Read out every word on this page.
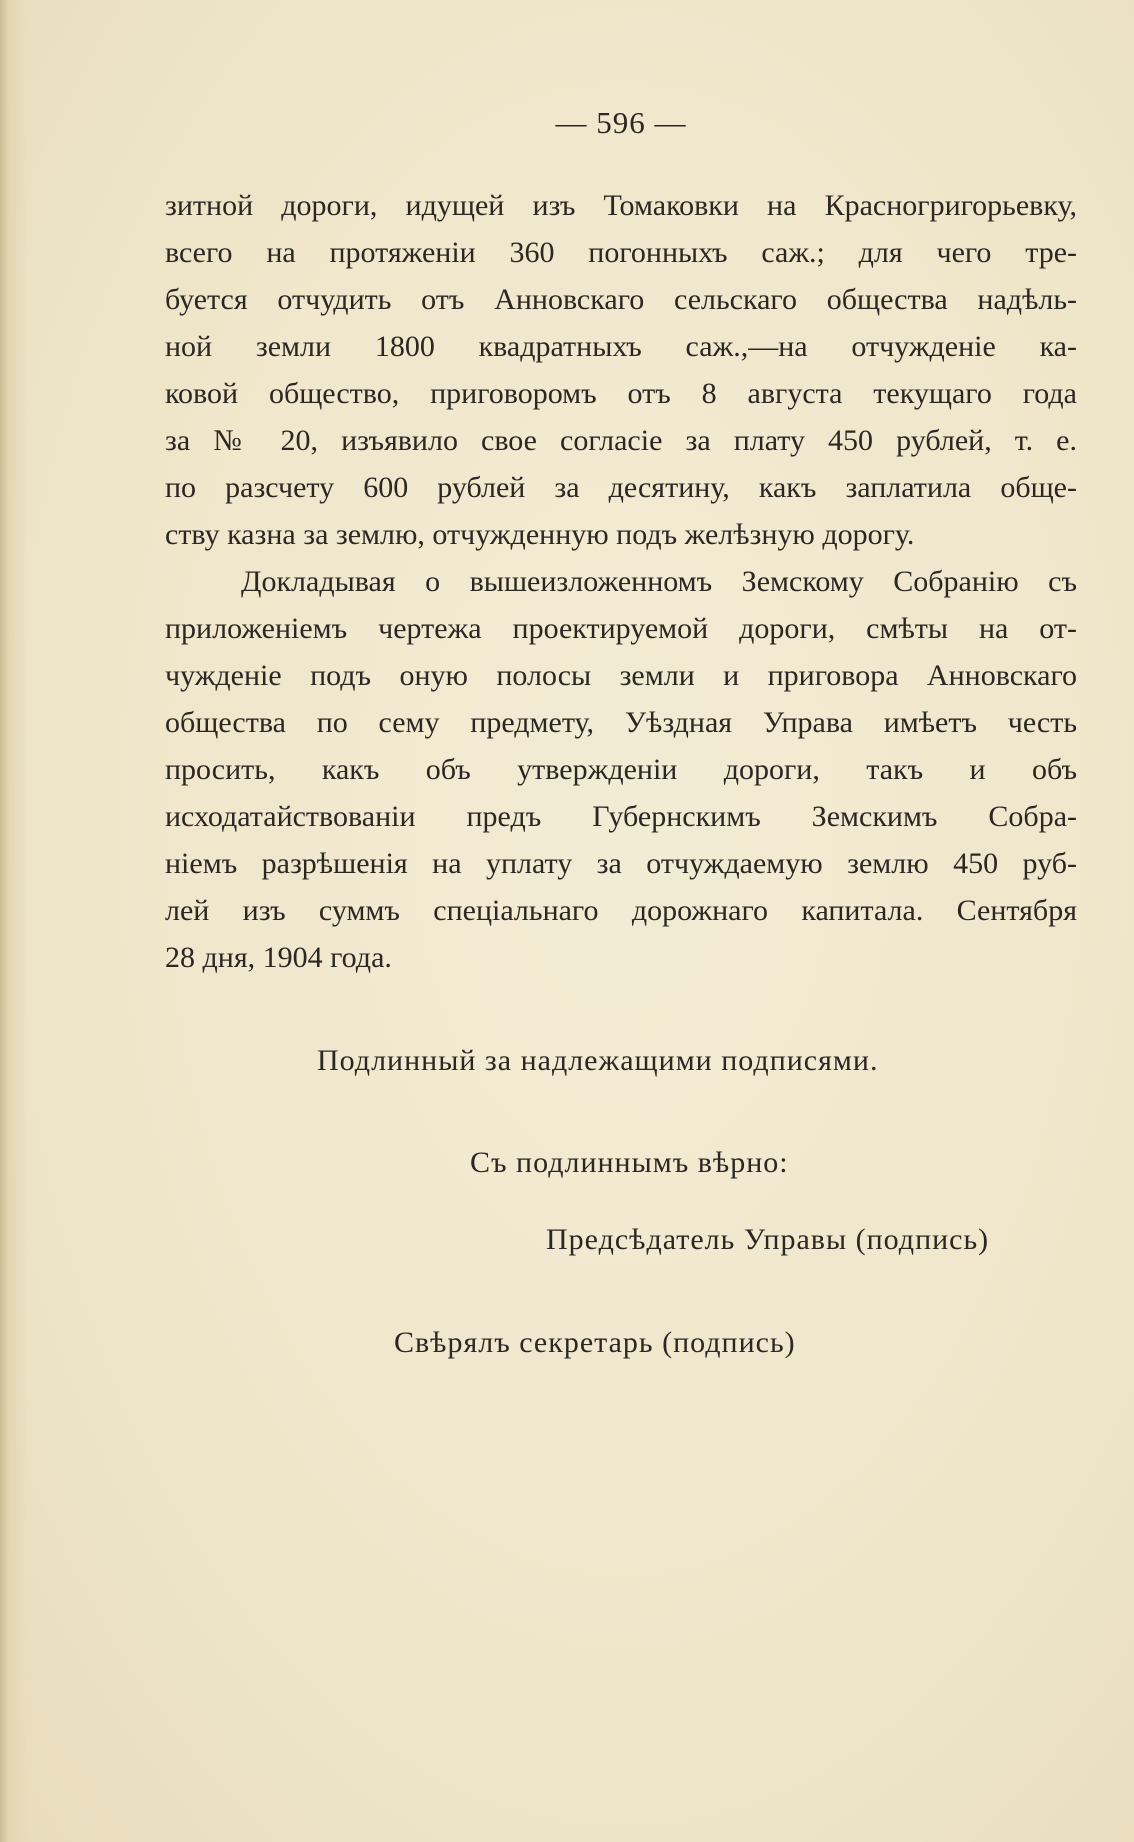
— 596 —
зитной дороги, идущей изъ Томаковки на Красногригорьевку,
всего на протяженіи 360 погонныхъ саж.; для чего тре-
буется отчудить отъ Анновскаго сельскаго общества надѣль-
ной земли 1800 квадратныхъ саж.,—на отчужденіе ка-
ковой общество, приговоромъ отъ 8 августа текущаго года
за № 20, изъявило свое согласіе за плату 450 рублей, т. е.
по разсчету 600 рублей за десятину, какъ заплатила обще-
ству казна за землю, отчужденную подъ желѣзную дорогу.
Докладывая о вышеизложенномъ Земскому Собранію съ
приложеніемъ чертежа проектируемой дороги, смѣты на от-
чужденіе подъ оную полосы земли и приговора Анновскаго
общества по сему предмету, Уѣздная Управа имѣетъ честь
просить, какъ объ утвержденіи дороги, такъ и объ
исходатайствованіи предъ Губернскимъ Земскимъ Собра-
ніемъ разрѣшенія на уплату за отчуждаемую землю 450 руб-
лей изъ суммъ спеціальнаго дорожнаго капитала. Сентября
28 дня, 1904 года.
Подлинный за надлежащими подписями.
Съ подлиннымъ вѣрно:
Предсѣдатель Управы (подпись)
Свѣрялъ секретарь (подпись)
